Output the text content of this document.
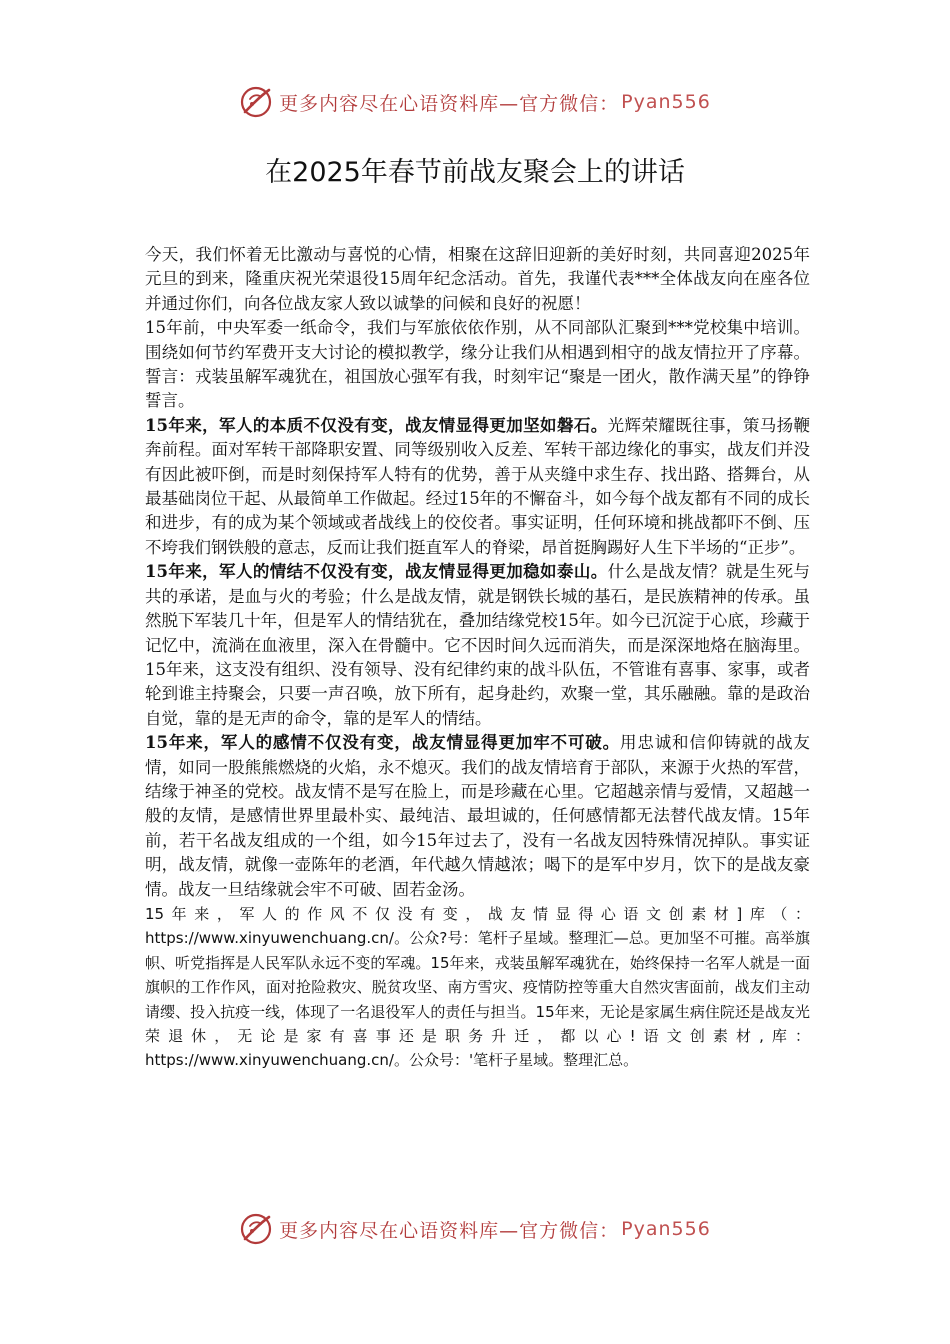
更多内容尽在心语资料库—官方微信： Pyan556
在2025年春节前战友聚会上的讲话

今天，我们怀着无比激动与喜悦的心情，相聚在这辞旧迎新的美好时刻，共同喜迎2025年元旦的到来，隆重庆祝光荣退役15周年纪念活动。首先，我谨代表***全体战友向在座各位并通过你们，向各位战友家人致以诚挚的问候和良好的祝愿！

15年前，中央军委一纸命令，我们与军旅依依作别，从不同部队汇聚到***党校集中培训。围绕如何节约军费开支大讨论的模拟教学，缘分让我们从相遇到相守的战友情拉开了序幕。誓言：戎装虽解军魂犹在，祖国放心强军有我，时刻牢记“聚是一团火，散作满天星”的铮铮誓言。

15年来，军人的本质不仅没有变，战友情显得更加坚如磐石。光辉荣耀既往事，策马扬鞭奔前程。面对军转干部降职安置、同等级别收入反差、军转干部边缘化的事实，战友们并没有因此被吓倒，而是时刻保持军人特有的优势，善于从夹缝中求生存、找出路、搭舞台，从最基础岗位干起、从最简单工作做起。经过15年的不懈奋斗，如今每个战友都有不同的成长和进步，有的成为某个领域或者战线上的佼佼者。事实证明，任何环境和挑战都吓不倒、压不垮我们钢铁般的意志，反而让我们挺直军人的脊梁，昂首挺胸踢好人生下半场的“正步”。

15年来，军人的情结不仅没有变，战友情显得更加稳如泰山。什么是战友情？就是生死与共的承诺，是血与火的考验；什么是战友情，就是钢铁长城的基石，是民族精神的传承。虽然脱下军装几十年，但是军人的情结犹在，叠加结缘党校15年。如今已沉淀于心底，珍藏于记忆中，流淌在血液里，深入在骨髓中。它不因时间久远而消失，而是深深地烙在脑海里。15年来，这支没有组织、没有领导、没有纪律约束的战斗队伍，不管谁有喜事、家事，或者轮到谁主持聚会，只要一声召唤，放下所有，起身赴约，欢聚一堂，其乐融融。靠的是政治自觉，靠的是无声的命令，靠的是军人的情结。

15年来，军人的感情不仅没有变，战友情显得更加牢不可破。用忠诚和信仰铸就的战友情，如同一股熊熊燃烧的火焰，永不熄灭。我们的战友情培育于部队，来源于火热的军营，结缘于神圣的党校。战友情不是写在脸上，而是珍藏在心里。它超越亲情与爱情，又超越一般的友情，是感情世界里最朴实、最纯洁、最坦诚的，任何感情都无法替代战友情。15年前，若干名战友组成的一个组，如今15年过去了，没有一名战友因特殊情况掉队。事实证明，战友情，就像一壶陈年的老酒，年代越久情越浓；喝下的是军中岁月，饮下的是战友豪情。战友一旦结缘就会牢不可破、固若金汤。

15年来，军人的作风不仅没有变，战友情显得心语文创素材]库（：https://www.xinyuwenchuang.cn/。公众?号：笔杆子星域。整理汇—总。更加坚不可摧。高举旗帜、听党指挥是人民军队永远不变的军魂。15年来，戎装虽解军魂犹在，始终保持一名军人就是一面旗帜的工作作风，面对抢险救灾、脱贫攻坚、南方雪灾、疫情防控等重大自然灾害面前，战友们主动请缨、投入抗疫一线，体现了一名退役军人的责任与担当。15年来，无论是家属生病住院还是战友光荣退休，无论是家有喜事还是职务升迁，都以心!语文创素材,库：https://www.xinyuwenchuang.cn/。公众号：'笔杆子星域。整理汇总。

更多内容尽在心语资料库—官方微信： Pyan556
